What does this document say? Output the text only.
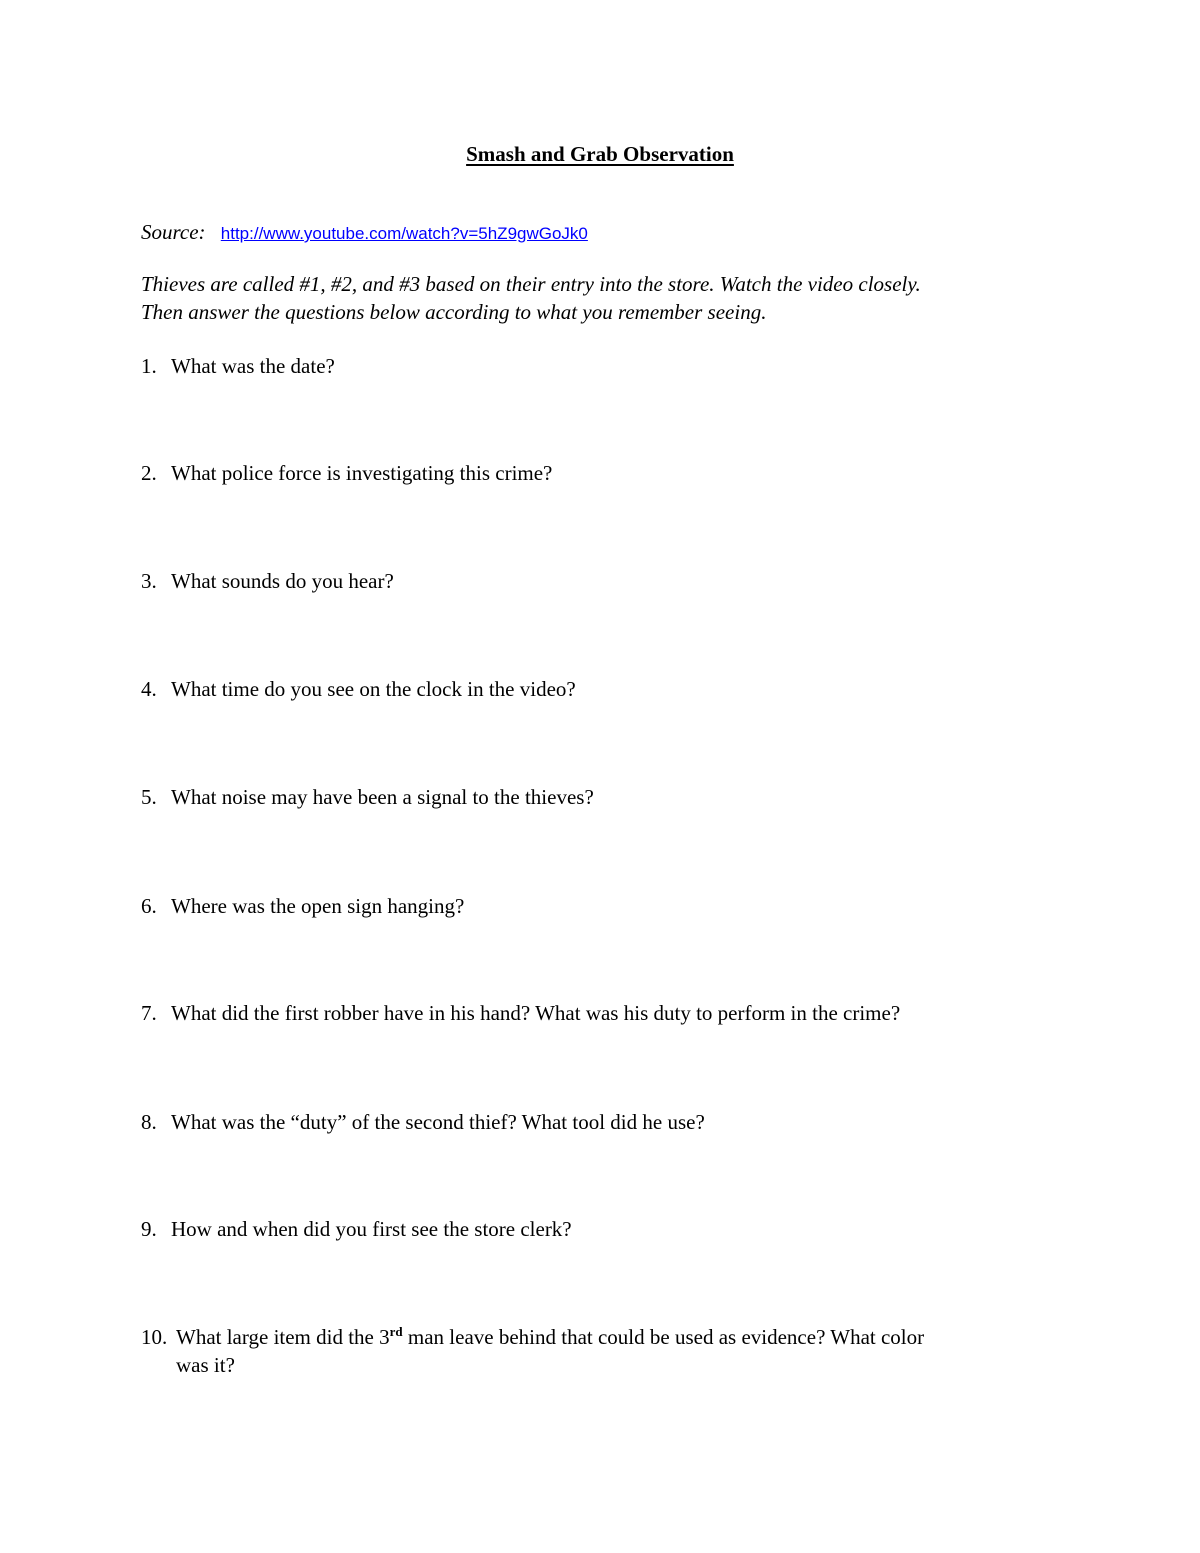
Smash and Grab Observation
Source: http://www.youtube.com/watch?v=5hZ9gwGoJk0

Thieves are called #1, #2, and #3 based on their entry into the store. Watch the video closely.
Then answer the questions below according to what you remember seeing.

1. What was the date?
2. What police force is investigating this crime?
3. What sounds do you hear?
4. What time do you see on the clock in the video?
5. What noise may have been a signal to the thieves?
6. Where was the open sign hanging?
7. What did the first robber have in his hand? What was his duty to perform in the crime?
8. What was the “duty” of the second thief? What tool did he use?
9. How and when did you first see the store clerk?
10. What large item did the 3rd man leave behind that could be used as evidence? What color
was it?
